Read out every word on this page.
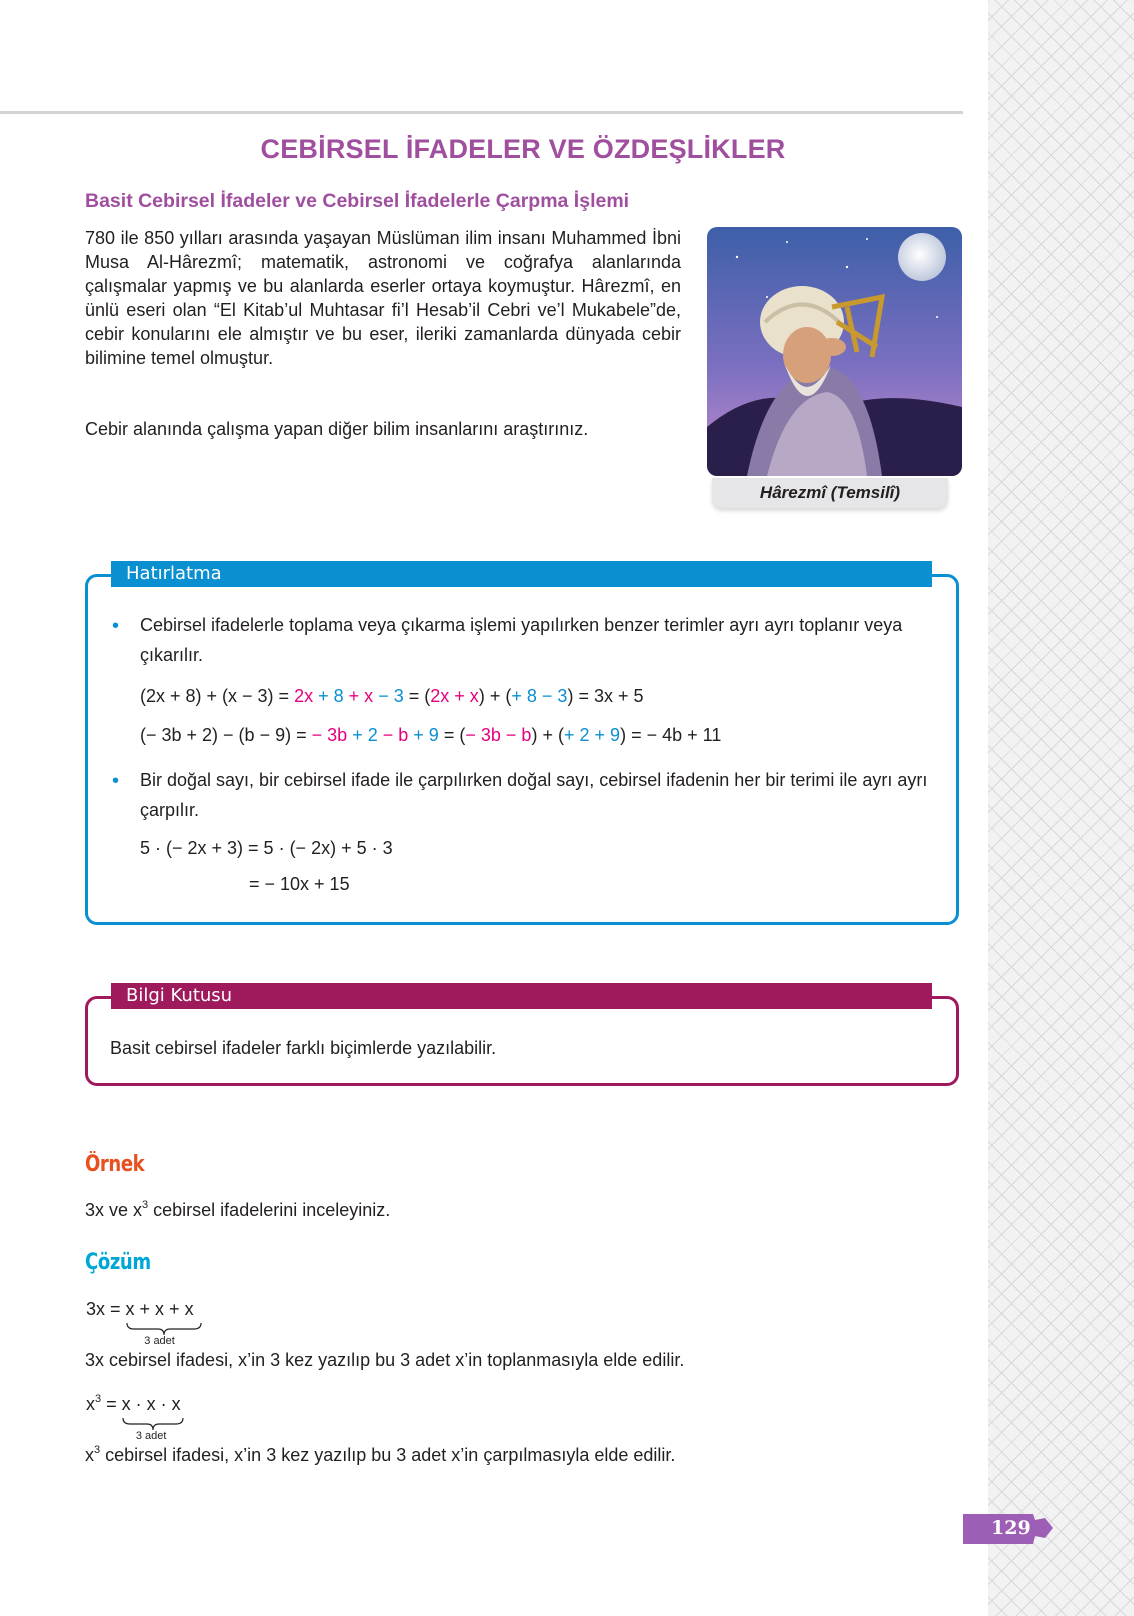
CEBİRSEL İFADELER VE ÖZDEŞLİKLER
Basit Cebirsel İfadeler ve Cebirsel İfadelerle Çarpma İşlemi

780 ile 850 yılları arasında yaşayan Müslüman ilim insanı Muhammed İbni Musa Al-Hârezmî; matematik, astronomi ve coğrafya alanlarında çalışmalar yapmış ve bu alanlarda eserler ortaya koymuştur. Hârezmî, en ünlü eseri olan “El Kitab’ul Muhtasar fi’l Hesab’il Cebri ve’l Mukabele”de, cebir konularını ele almıştır ve bu eser, ileriki zamanlarda dünyada cebir bilimine temel olmuştur.

Cebir alanında çalışma yapan diğer bilim insanlarını araştırınız.

Hârezmî (Temsilî)
Hatırlatma
• Cebirsel ifadelerle toplama veya çıkarma işlemi yapılırken benzer terimler ayrı ayrı toplanır veya çıkarılır.

(2x + 8) + (x − 3) = 2x + 8 + x − 3 = (2x + x) + (+ 8 − 3) = 3x + 5
(− 3b + 2) − (b − 9) = − 3b + 2 − b + 9 = (− 3b − b) + (+ 2 + 9) = − 4b + 11
• Bir doğal sayı, bir cebirsel ifade ile çarpılırken doğal sayı, cebirsel ifadenin her bir terimi ile ayrı ayrı çarpılır.

5 · (− 2x + 3) = 5 · (− 2x) + 5 · 3
= − 10x + 15
Bilgi Kutusu

Basit cebirsel ifadeler farklı biçimlerde yazılabilir.

Örnek

3x ve $x^3$ cebirsel ifadelerini inceleyiniz.

Çözüm
3x = x + x + x
3 adet

3x cebirsel ifadesi, x’in 3 kez yazılıp bu 3 adet x’in toplanmasıyla elde edilir.

$x^3 = x \cdot x \cdot x$
3 adet

$x^3$ cebirsel ifadesi, x’in 3 kez yazılıp bu 3 adet x’in çarpılmasıyla elde edilir.

129
